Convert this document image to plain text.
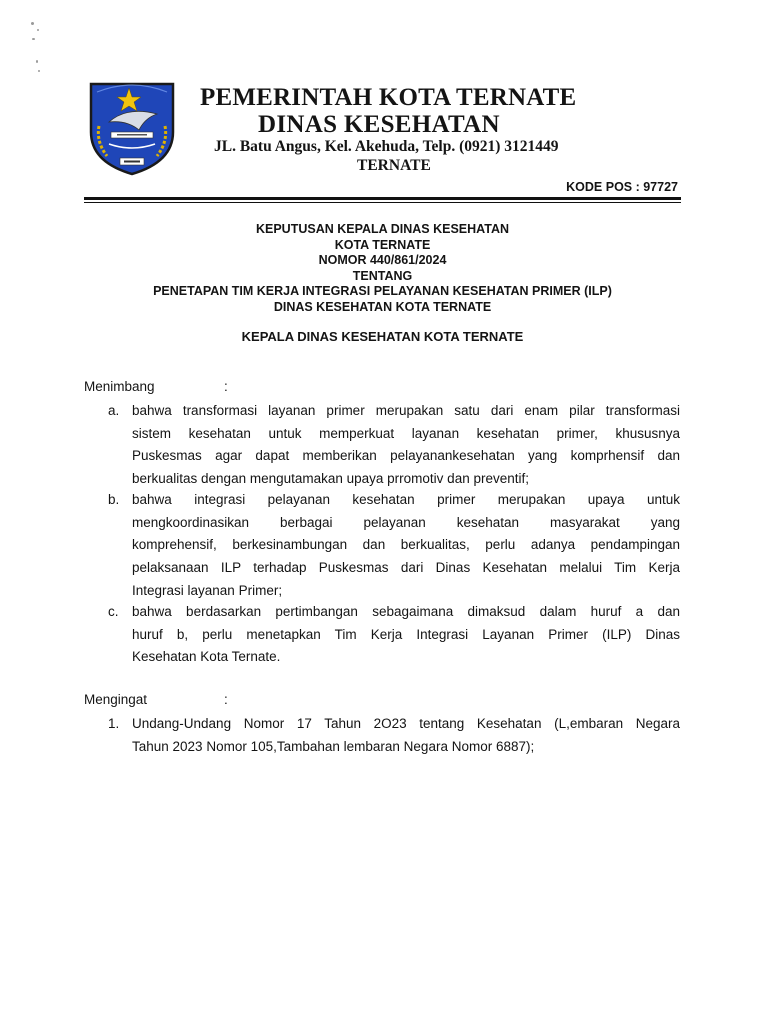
PEMERINTAH KOTA TERNATE
DINAS KESEHATAN
JL. Batu Angus, Kel. Akehuda, Telp. (0921) 3121449
TERNATE
KODE POS : 97727
KEPUTUSAN KEPALA DINAS KESEHATAN
KOTA TERNATE
NOMOR 440/861/2024
TENTANG
PENETAPAN TIM KERJA INTEGRASI PELAYANAN KESEHATAN PRIMER (ILP)
DINAS KESEHATAN KOTA TERNATE
KEPALA DINAS KESEHATAN KOTA TERNATE
Menimbang	:
a. bahwa transformasi layanan primer merupakan satu dari enam pilar transformasi
sistem kesehatan untuk memperkuat layanan kesehatan primer, khususnya
Puskesmas agar dapat memberikan pelayanankesehatan yang komprhensif dan
berkualitas dengan mengutamakan upaya prromotiv dan preventif;
b. bahwa integrasi pelayanan kesehatan primer merupakan upaya untuk
mengkoordinasikan berbagai pelayanan kesehatan masyarakat yang
komprehensif, berkesinambungan dan berkualitas, perlu adanya pendampingan
pelaksanaan ILP terhadap Puskesmas dari Dinas Kesehatan melalui Tim Kerja
Integrasi layanan Primer;
c. bahwa berdasarkan pertimbangan sebagaimana dimaksud dalam huruf a dan
huruf b, perlu menetapkan Tim Kerja Integrasi Layanan Primer (ILP) Dinas
Kesehatan Kota Ternate.
Mengingat	:
1. Undang-Undang Nomor 17 Tahun 2O23 tentang Kesehatan (L,embaran Negara
Tahun 2023 Nomor 105,Tambahan lembaran Negara Nomor 6887);
